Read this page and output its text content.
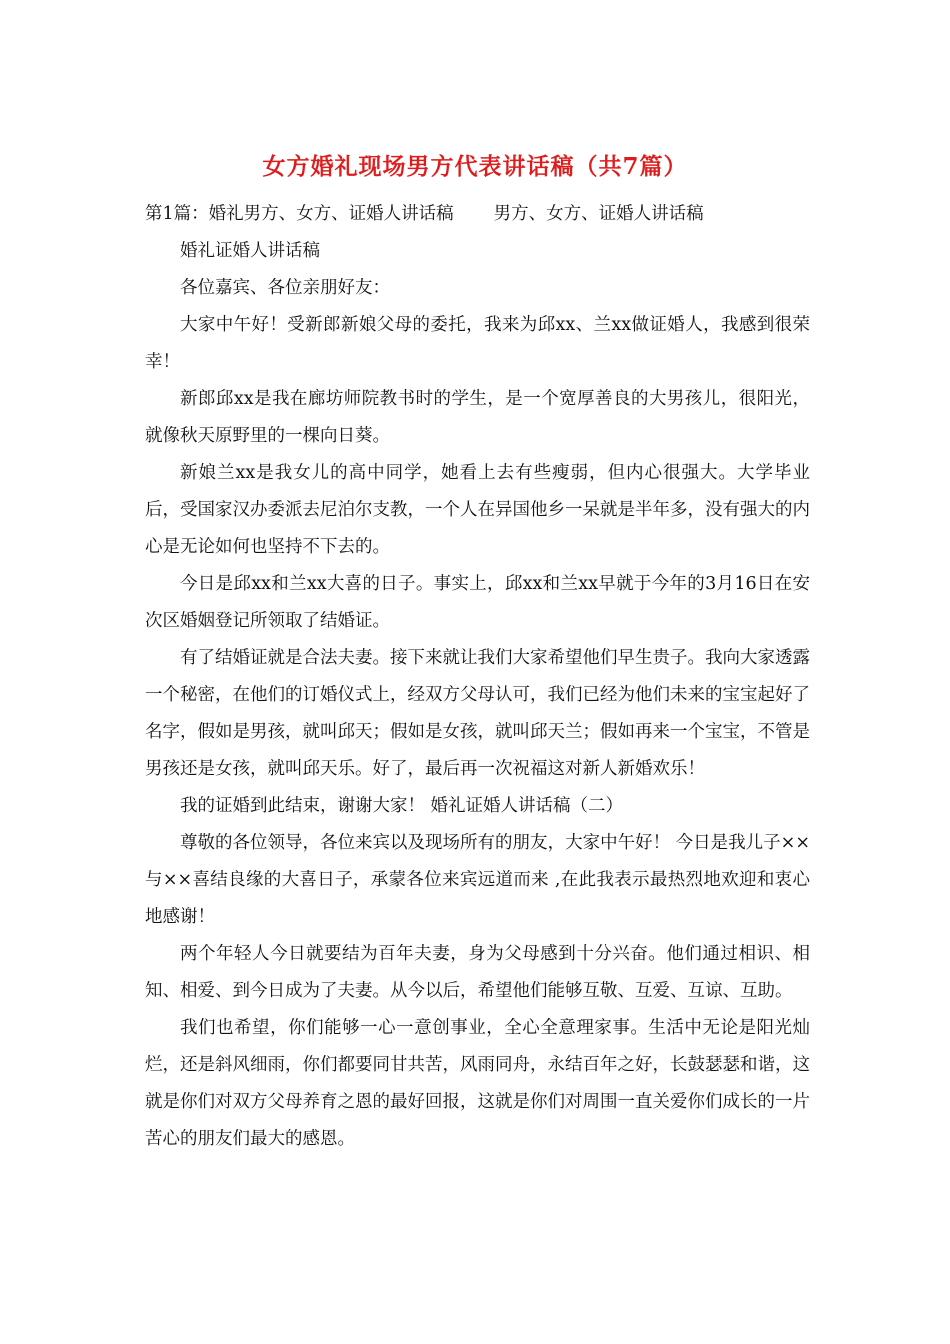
女方婚礼现场男方代表讲话稿（共7篇）

第1篇：婚礼男方、女方、证婚人讲话稿 男方、女方、证婚人讲话稿

婚礼证婚人讲话稿

各位嘉宾、各位亲朋好友：

大家中午好！受新郎新娘父母的委托，我来为邱xx、兰xx做证婚人，我感到很荣幸！

新郎邱xx是我在廊坊师院教书时的学生，是一个宽厚善良的大男孩儿，很阳光，就像秋天原野里的一棵向日葵。

新娘兰xx是我女儿的高中同学，她看上去有些瘦弱，但内心很强大。大学毕业后，受国家汉办委派去尼泊尔支教，一个人在异国他乡一呆就是半年多，没有强大的内心是无论如何也坚持不下去的。

今日是邱xx和兰xx大喜的日子。事实上，邱xx和兰xx早就于今年的3月16日在安次区婚姻登记所领取了结婚证。

有了结婚证就是合法夫妻。接下来就让我们大家希望他们早生贵子。我向大家透露一个秘密，在他们的订婚仪式上，经双方父母认可，我们已经为他们未来的宝宝起好了名字，假如是男孩，就叫邱天；假如是女孩，就叫邱天兰；假如再来一个宝宝，不管是男孩还是女孩，就叫邱天乐。好了，最后再一次祝福这对新人新婚欢乐！

我的证婚到此结束，谢谢大家！ 婚礼证婚人讲话稿（二）

尊敬的各位领导，各位来宾以及现场所有的朋友，大家中午好！ 今日是我儿子××与××喜结良缘的大喜日子，承蒙各位来宾远道而来 ,在此我表示最热烈地欢迎和衷心地感谢！

两个年轻人今日就要结为百年夫妻，身为父母感到十分兴奋。他们通过相识、相知、相爱、到今日成为了夫妻。从今以后，希望他们能够互敬、互爱、互谅、互助。

我们也希望，你们能够一心一意创事业，全心全意理家事。生活中无论是阳光灿烂，还是斜风细雨，你们都要同甘共苦，风雨同舟，永结百年之好，长鼓瑟瑟和谐，这就是你们对双方父母养育之恩的最好回报，这就是你们对周围一直关爱你们成长的一片苦心的朋友们最大的感恩。
